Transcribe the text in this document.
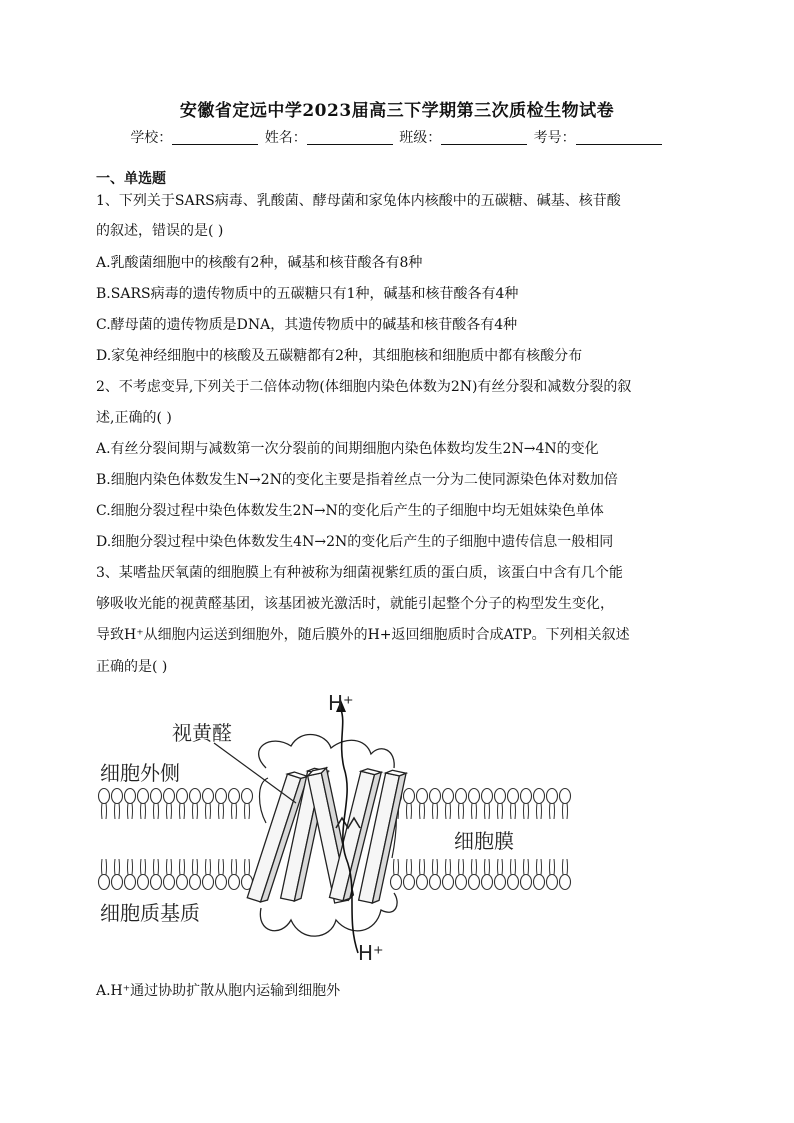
安徽省定远中学2023届高三下学期第三次质检生物试卷
学校：	姓名：	班级：	考号：
一、单选题
1、下列关于SARS病毒、乳酸菌、酵母菌和家兔体内核酸中的五碳糖、碱基、核苷酸
的叙述，错误的是( )
A.乳酸菌细胞中的核酸有2种，碱基和核苷酸各有8种
B.SARS病毒的遗传物质中的五碳糖只有1种，碱基和核苷酸各有4种
C.酵母菌的遗传物质是DNA，其遗传物质中的碱基和核苷酸各有4种
D.家兔神经细胞中的核酸及五碳糖都有2种，其细胞核和细胞质中都有核酸分布
2、不考虑变异,下列关于二倍体动物(体细胞内染色体数为2N)有丝分裂和减数分裂的叙
述,正确的( )
A.有丝分裂间期与减数第一次分裂前的间期细胞内染色体数均发生2N→4N的变化
B.细胞内染色体数发生N→2N的变化主要是指着丝点一分为二使同源染色体对数加倍
C.细胞分裂过程中染色体数发生2N→N的变化后产生的子细胞中均无姐妹染色单体
D.细胞分裂过程中染色体数发生4N→2N的变化后产生的子细胞中遗传信息一般相同
3、某嗜盐厌氧菌的细胞膜上有种被称为细菌视紫红质的蛋白质，该蛋白中含有几个能
够吸收光能的视黄醛基团，该基团被光激活时，就能引起整个分子的构型发生变化，
导致H⁺从细胞内运送到细胞外，随后膜外的H+返回细胞质时合成ATP。下列相关叙述
正确的是( )
H⁺
视黄醛
细胞外侧
细胞膜
细胞质基质
H⁺
A.H⁺通过协助扩散从胞内运输到细胞外
